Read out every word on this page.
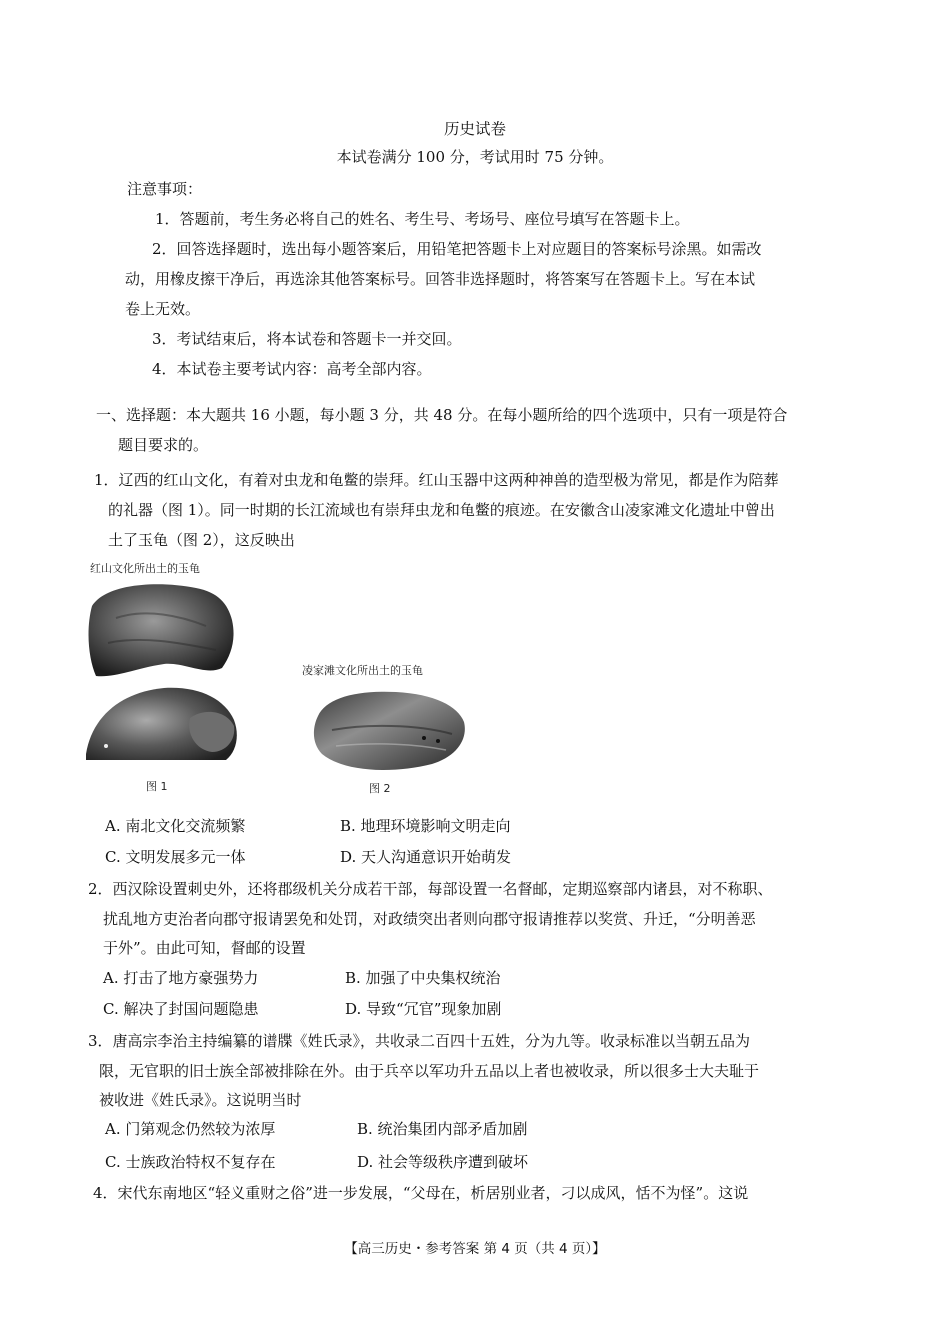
历史试卷
本试卷满分 100 分，考试用时 75 分钟。
注意事项：
1．答题前，考生务必将自己的姓名、考生号、考场号、座位号填写在答题卡上。
2．回答选择题时，选出每小题答案后，用铅笔把答题卡上对应题目的答案标号涂黑。如需改
动，用橡皮擦干净后，再选涂其他答案标号。回答非选择题时，将答案写在答题卡上。写在本试
卷上无效。
3．考试结束后，将本试卷和答题卡一并交回。
4．本试卷主要考试内容：高考全部内容。
一、选择题：本大题共 16 小题，每小题 3 分，共 48 分。在每小题所给的四个选项中，只有一项是符合
题目要求的。
1．辽西的红山文化，有着对虫龙和龟鳖的崇拜。红山玉器中这两种神兽的造型极为常见，都是作为陪葬
的礼器（图 1）。同一时期的长江流域也有崇拜虫龙和龟鳖的痕迹。在安徽含山凌家滩文化遗址中曾出
土了玉龟（图 2），这反映出
红山文化所出土的玉龟
凌家滩文化所出土的玉龟
图 1	图 2
A. 南北文化交流频繁	B. 地理环境影响文明走向
C. 文明发展多元一体	D. 天人沟通意识开始萌发
2．西汉除设置刺史外，还将郡级机关分成若干部，每部设置一名督邮，定期巡察部内诸县，对不称职、
扰乱地方吏治者向郡守报请罢免和处罚，对政绩突出者则向郡守报请推荐以奖赏、升迁，“分明善恶
于外”。由此可知，督邮的设置
A. 打击了地方豪强势力	B. 加强了中央集权统治
C. 解决了封国问题隐患	D. 导致“冗官”现象加剧
3．唐高宗李治主持编纂的谱牒《姓氏录》，共收录二百四十五姓，分为九等。收录标准以当朝五品为
限，无官职的旧士族全部被排除在外。由于兵卒以军功升五品以上者也被收录，所以很多士大夫耻于
被收进《姓氏录》。这说明当时
A. 门第观念仍然较为浓厚	B. 统治集团内部矛盾加剧
C. 士族政治特权不复存在	D. 社会等级秩序遭到破坏
4．宋代东南地区“轻义重财之俗”进一步发展，“父母在，析居别业者，刁以成风，恬不为怪”。这说
【高三历史・参考答案 第 4 页（共 4 页）】
